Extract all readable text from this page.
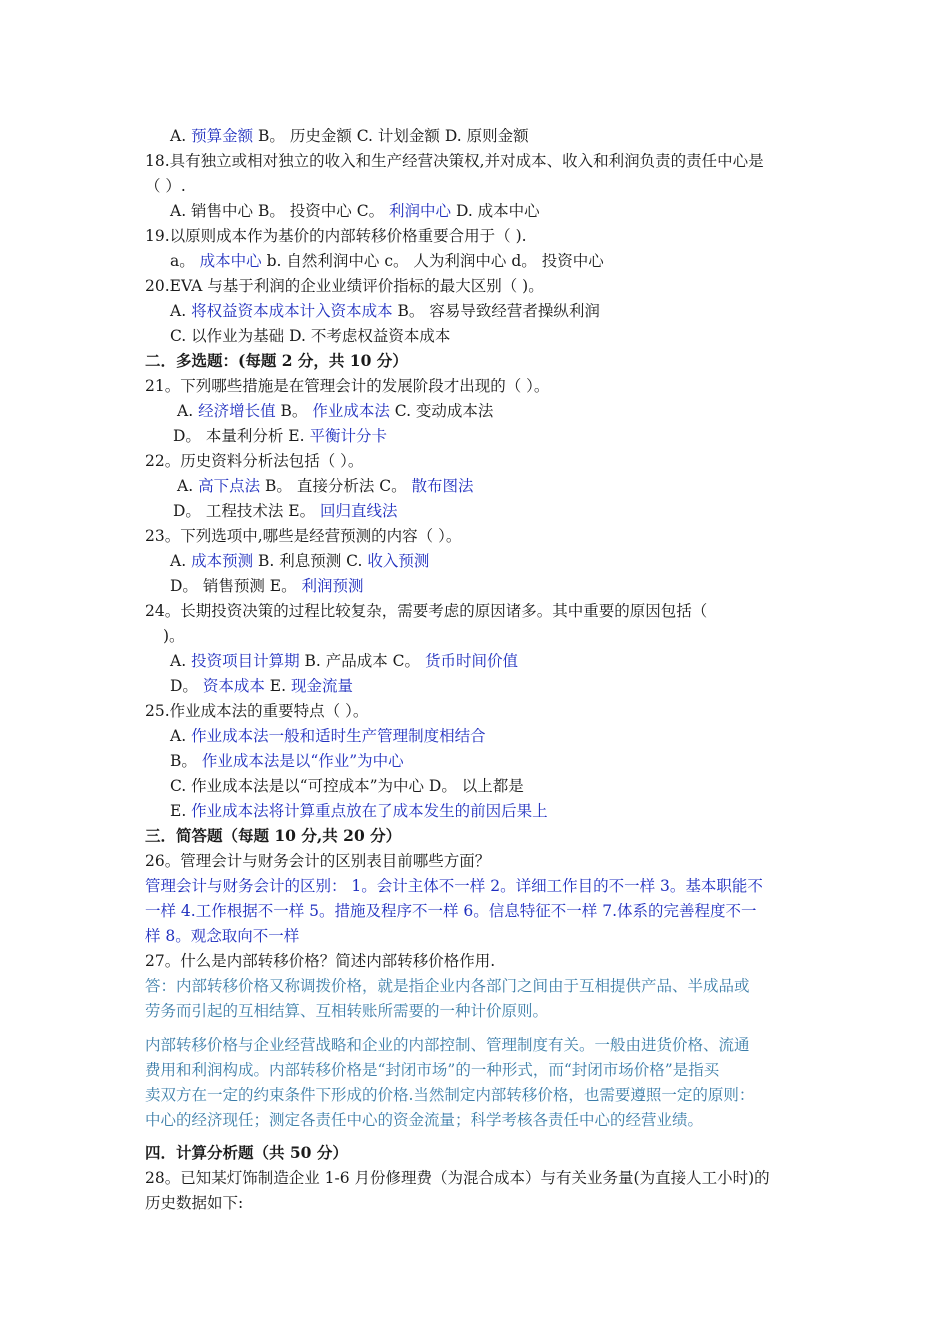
A. 预算金额 B。 历史金额 C. 计划金额 D. 原则金额
18.具有独立或相对独立的收入和生产经营决策权,并对成本、收入和利润负责的责任中心是
（ ）.
A. 销售中心 B。 投资中心 C。 利润中心 D. 成本中心
19.以原则成本作为基价的内部转移价格重要合用于（ ).
a。 成本中心 b. 自然利润中心 c。 人为利润中心 d。 投资中心
20.EVA 与基于利润的企业业绩评价指标的最大区别（ )。
A. 将权益资本成本计入资本成本 B。 容易导致经营者操纵利润
C. 以作业为基础 D. 不考虑权益资本成本
二．多选题：(每题 2 分，共 10 分）
21。下列哪些措施是在管理会计的发展阶段才出现的（ ）。
A. 经济增长值 B。 作业成本法 C. 变动成本法
D。 本量利分析 E. 平衡计分卡
22。历史资料分析法包括（ ）。
A. 高下点法 B。 直接分析法 C。 散布图法
D。 工程技术法 E。 回归直线法
23。下列选项中,哪些是经营预测的内容（ ）。
A. 成本预测 B. 利息预测 C. 收入预测
D。 销售预测 E。 利润预测
24。长期投资决策的过程比较复杂，需要考虑的原因诸多。其中重要的原因包括（
)。
A. 投资项目计算期 B. 产品成本 C。 货币时间价值
D。 资本成本 E. 现金流量
25.作业成本法的重要特点（ ）。
A. 作业成本法一般和适时生产管理制度相结合
B。 作业成本法是以“作业”为中心
C. 作业成本法是以“可控成本”为中心 D。 以上都是
E. 作业成本法将计算重点放在了成本发生的前因后果上
三．简答题（每题 10 分,共 20 分）
26。管理会计与财务会计的区别表目前哪些方面？
管理会计与财务会计的区别： 1。会计主体不一样 2。详细工作目的不一样 3。基本职能不
一样 4.工作根据不一样 5。措施及程序不一样 6。信息特征不一样 7.体系的完善程度不一
样 8。观念取向不一样
27。什么是内部转移价格？简述内部转移价格作用.
答：内部转移价格又称调拨价格，就是指企业内各部门之间由于互相提供产品、半成品或
劳务而引起的互相结算、互相转账所需要的一种计价原则。
内部转移价格与企业经营战略和企业的内部控制、管理制度有关。一般由进货价格、流通
费用和利润构成。内部转移价格是“封闭市场”的一种形式，而“封闭市场价格”是指买
卖双方在一定的约束条件下形成的价格.当然制定内部转移价格，也需要遵照一定的原则：
中心的经济现任；测定各责任中心的资金流量；科学考核各责任中心的经营业绩。
四．计算分析题（共 50 分）
28。已知某灯饰制造企业 1-6 月份修理费（为混合成本）与有关业务量(为直接人工小时)的
历史数据如下:
